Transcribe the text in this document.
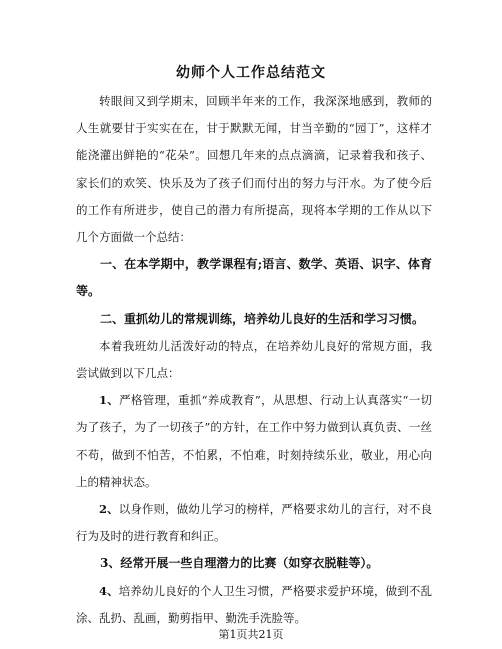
幼师个人工作总结范文

转眼间又到学期末，回顾半年来的工作，我深深地感到，教师的人生就要甘于实实在在，甘于默默无闻，甘当辛勤的“园丁”，这样才能浇灌出鲜艳的“花朵”。回想几年来的点点滴滴，记录着我和孩子、家长们的欢笑、快乐及为了孩子们而付出的努力与汗水。为了使今后的工作有所进步，使自己的潜力有所提高，现将本学期的工作从以下几个方面做一个总结：

一、在本学期中，教学课程有;语言、数学、英语、识字、体育等。

二、重抓幼儿的常规训练，培养幼儿良好的生活和学习习惯。

本着我班幼儿活泼好动的特点，在培养幼儿良好的常规方面，我尝试做到以下几点：

1、严格管理，重抓“养成教育”，从思想、行动上认真落实“一切为了孩子，为了一切孩子”的方针，在工作中努力做到认真负责、一丝不苟，做到不怕苦，不怕累，不怕难，时刻持续乐业，敬业，用心向上的精神状态。

2、以身作则，做幼儿学习的榜样，严格要求幼儿的言行，对不良行为及时的进行教育和纠正。

3、经常开展一些自理潜力的比赛（如穿衣脱鞋等）。

4、培养幼儿良好的个人卫生习惯，严格要求爱护环境，做到不乱涂、乱扔、乱画，勤剪指甲、勤洗手洗脸等。

第1页共21页
